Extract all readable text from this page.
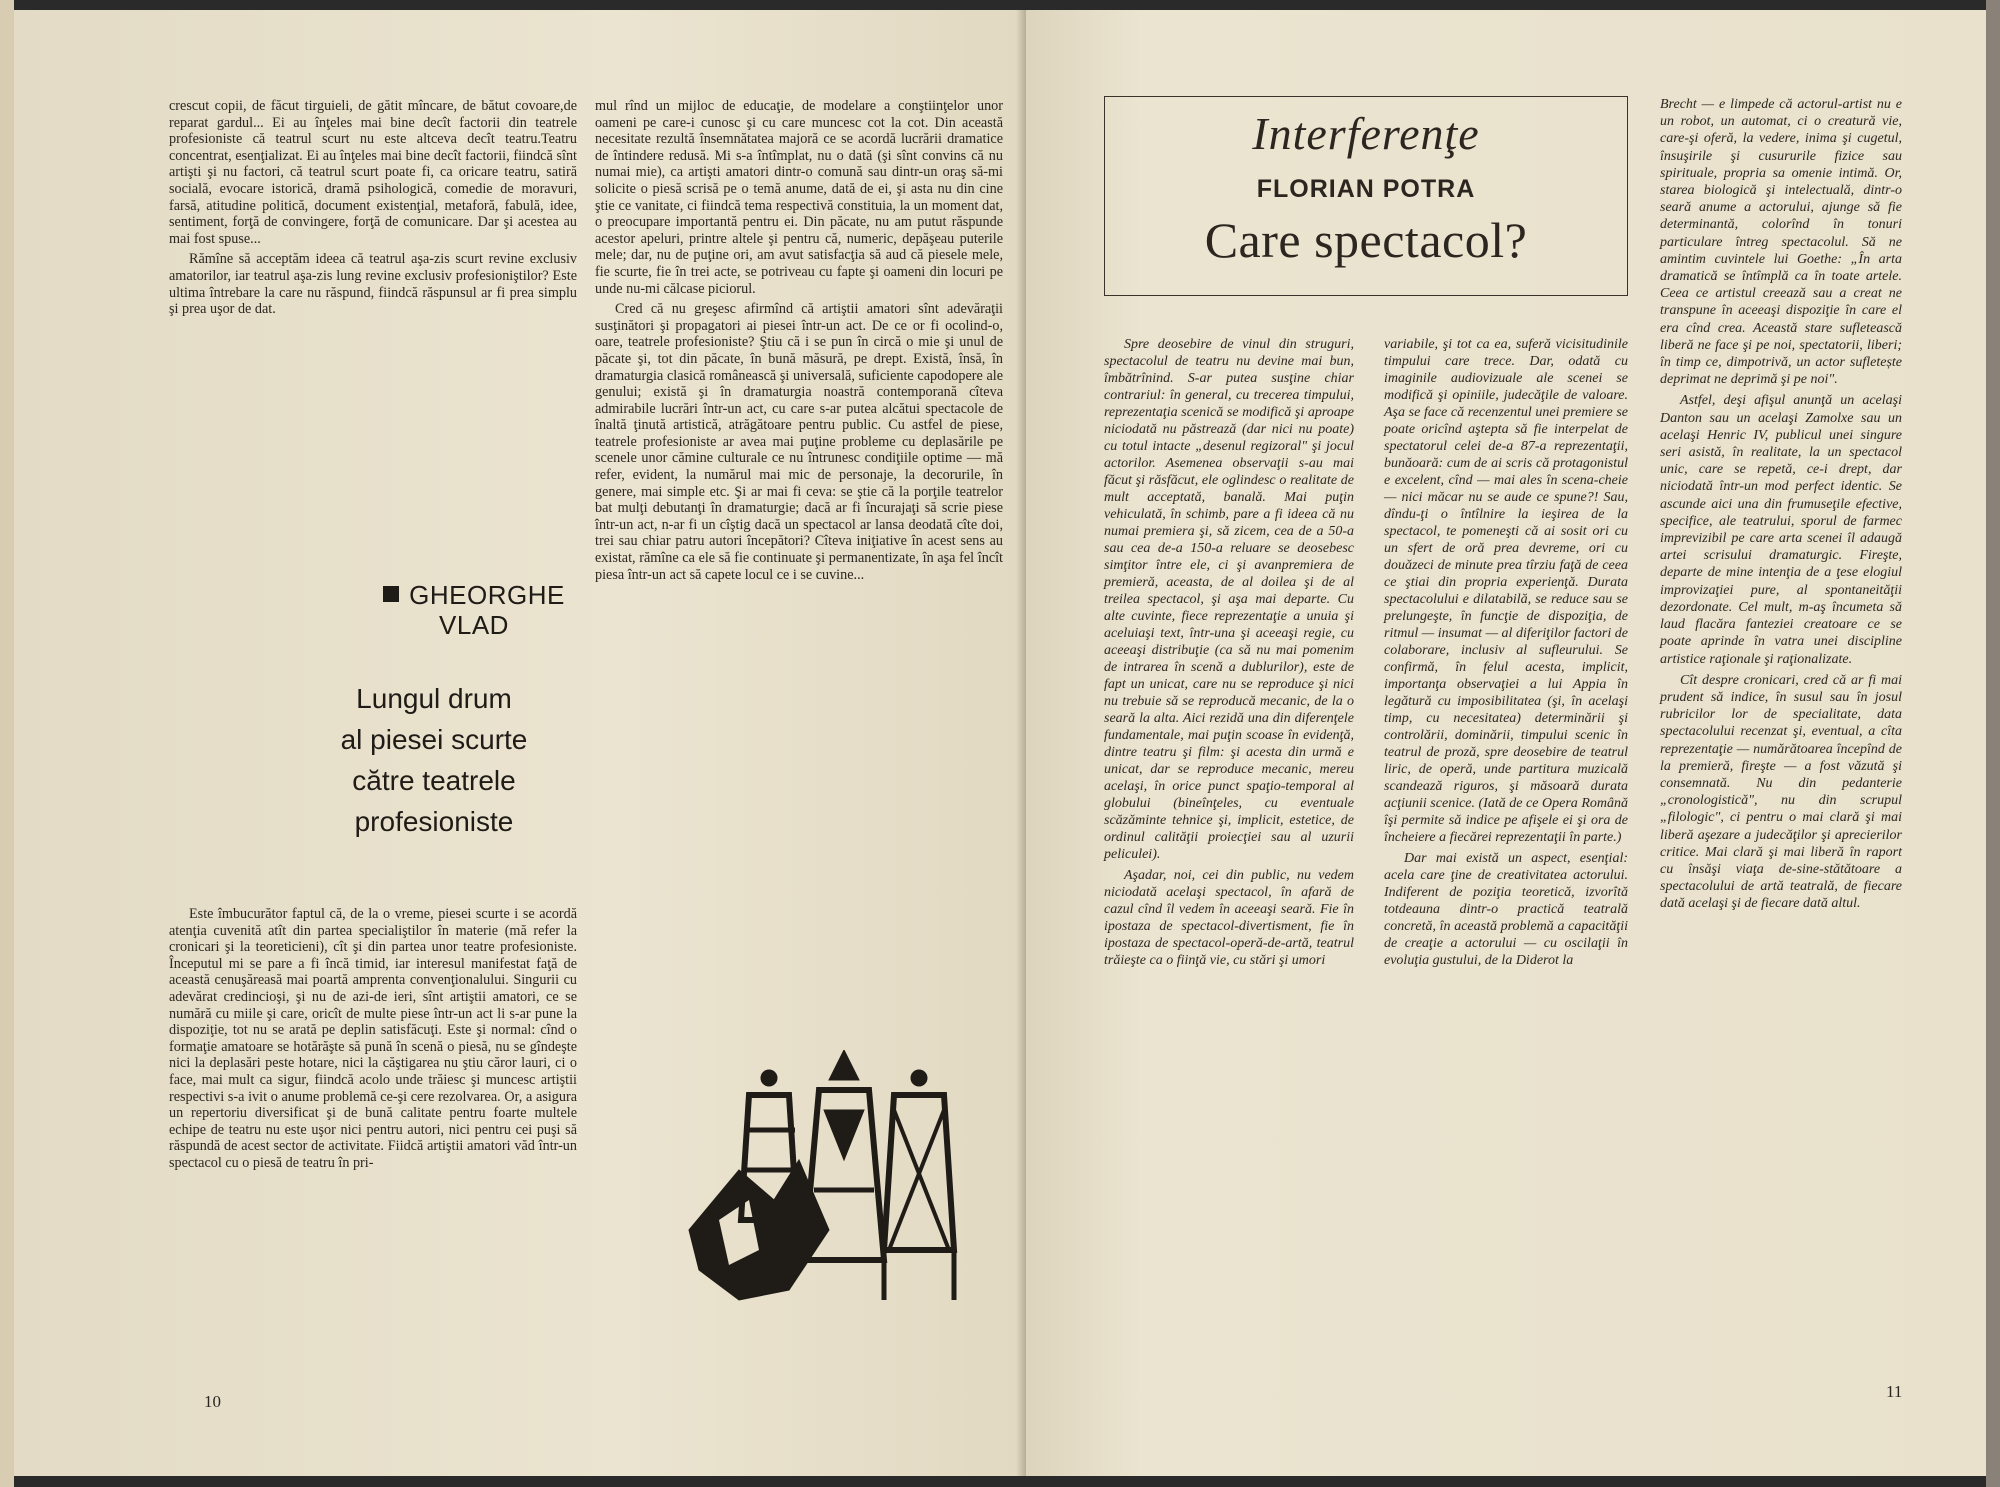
crescut copii, de făcut tirguieli, de gătit mîncare, de bătut covoare,de reparat gardul... Ei au înţeles mai bine decît factorii din teatrele profesioniste că teatrul scurt nu este altceva decît teatru.Teatru concentrat, esenţializat. Ei au înţeles mai bine decît factorii, fiindcă sînt artişti şi nu factori, că teatrul scurt poate fi, ca oricare teatru, satiră socială, evocare istorică, dramă psihologică, comedie de moravuri, farsă, atitudine politică, document existenţial, metaforă, fabulă, idee, sentiment, forţă de convingere, forţă de comunicare. Dar şi acestea au mai fost spuse...

Rămîne să acceptăm ideea că teatrul aşa-zis scurt revine exclusiv amatorilor, iar teatrul aşa-zis lung revine exclusiv profesioniştilor? Este ultima întrebare la care nu răspund, fiindcă răspunsul ar fi prea simplu şi prea uşor de dat.

GHEORGHE VLAD
Lungul drum
al piesei scurte
către teatrele
profesioniste

Este îmbucurător faptul că, de la o vreme, piesei scurte i se acordă atenţia cuvenită atît din partea specialiştilor în materie (mă refer la cronicari şi la teoreticieni), cît şi din partea unor teatre profesioniste. Începutul mi se pare a fi încă timid, iar interesul manifestat faţă de această cenuşăreasă mai poartă amprenta convenţionalului. Singurii cu adevărat credincioşi, şi nu de azi-de ieri, sînt artiştii amatori, ce se numără cu miile şi care, oricît de multe piese într-un act li s-ar pune la dispoziţie, tot nu se arată pe deplin satisfăcuţi. Este şi normal: cînd o formaţie amatoare se hotărăşte să pună în scenă o piesă, nu se gîndeşte nici la deplasări peste hotare, nici la căştigarea nu ştiu căror lauri, ci o face, mai mult ca sigur, fiindcă acolo unde trăiesc şi muncesc artiştii respectivi s-a ivit o anume problemă ce-şi cere rezolvarea. Or, a asigura un repertoriu diversificat şi de bună calitate pentru foarte multele echipe de teatru nu este uşor nici pentru autori, nici pentru cei puşi să răspundă de acest sector de activitate. Fiidcă artiştii amatori văd într-un spectacol cu o piesă de teatru în pri-

mul rînd un mijloc de educaţie, de modelare a conştiinţelor unor oameni pe care-i cunosc şi cu care muncesc cot la cot. Din această necesitate rezultă însemnătatea majoră ce se acordă lucrării dramatice de întindere redusă. Mi s-a întîmplat, nu o dată (şi sînt convins că nu numai mie), ca artişti amatori dintr-o comună sau dintr-un oraş să-mi solicite o piesă scrisă pe o temă anume, dată de ei, şi asta nu din cine ştie ce vanitate, ci fiindcă tema respectivă constituia, la un moment dat, o preocupare importantă pentru ei. Din păcate, nu am putut răspunde acestor apeluri, printre altele şi pentru că, numeric, depăşeau puterile mele; dar, nu de puţine ori, am avut satisfacţia să aud că piesele mele, fie scurte, fie în trei acte, se potriveau cu fapte şi oameni din locuri pe unde nu-mi călcase piciorul.

Cred că nu greşesc afirmînd că artiştii amatori sînt adevăraţii susţinători şi propagatori ai piesei într-un act. De ce or fi ocolind-o, oare, teatrele profesioniste? Ştiu că i se pun în circă o mie şi unul de păcate şi, tot din păcate, în bună măsură, pe drept. Există, însă, în dramaturgia clasică românească şi universală, suficiente capodopere ale genului; există şi în dramaturgia noastră contemporană cîteva admirabile lucrări într-un act, cu care s-ar putea alcătui spectacole de înaltă ţinută artistică, atrăgătoare pentru public. Cu astfel de piese, teatrele profesioniste ar avea mai puţine probleme cu deplasările pe scenele unor cămine culturale ce nu întrunesc condiţiile optime — mă refer, evident, la numărul mai mic de personaje, la decorurile, în genere, mai simple etc. Şi ar mai fi ceva: se ştie că la porţile teatrelor bat mulţi debutanţi în dramaturgie; dacă ar fi încurajaţi să scrie piese într-un act, n-ar fi un cîştig dacă un spectacol ar lansa deodată cîte doi, trei sau chiar patru autori începători? Cîteva iniţiative în acest sens au existat, rămîne ca ele să fie continuate şi permanentizate, în aşa fel încît piesa într-un act să capete locul ce i se cuvine...

10
11
Interferenţe
FLORIAN POTRA
Care spectacol?

Spre deosebire de vinul din struguri, spectacolul de teatru nu devine mai bun, îmbătrînind. S-ar putea susţine chiar contrariul: în general, cu trecerea timpului, reprezentaţia scenică se modifică şi aproape niciodată nu păstrează (dar nici nu poate) cu totul intacte „desenul regizoral" şi jocul actorilor. Asemenea observaţii s-au mai făcut şi răsfăcut, ele oglindesc o realitate de mult acceptată, banală. Mai puţin vehiculată, în schimb, pare a fi ideea că nu numai premiera şi, să zicem, cea de a 50-a sau cea de-a 150-a reluare se deosebesc simţitor între ele, ci şi avanpremiera de premieră, aceasta, de al doilea şi de al treilea spectacol, şi aşa mai departe. Cu alte cuvinte, fiece reprezentaţie a unuia şi aceluiaşi text, într-una şi aceeaşi regie, cu aceeaşi distribuţie (ca să nu mai pomenim de intrarea în scenă a dublurilor), este de fapt un unicat, care nu se reproduce şi nici nu trebuie să se reproducă mecanic, de la o seară la alta. Aici rezidă una din diferenţele fundamentale, mai puţin scoase în evidenţă, dintre teatru şi film: şi acesta din urmă e unicat, dar se reproduce mecanic, mereu acelaşi, în orice punct spaţio-temporal al globului (bineînţeles, cu eventuale scăzăminte tehnice şi, implicit, estetice, de ordinul calităţii proiecţiei sau al uzurii peliculei).

Aşadar, noi, cei din public, nu vedem niciodată acelaşi spectacol, în afară de cazul cînd îl vedem în aceeaşi seară. Fie în ipostaza de spectacol-divertisment, fie în ipostaza de spectacol-operă-de-artă, teatrul trăieşte ca o fiinţă vie, cu stări şi umori

variabile, şi tot ca ea, suferă vicisitudinile timpului care trece. Dar, odată cu imaginile audiovizuale ale scenei se modifică şi opiniile, judecăţile de valoare. Aşa se face că recenzentul unei premiere se poate oricînd aştepta să fie interpelat de spectatorul celei de-a 87-a reprezentaţii, bunăoară: cum de ai scris că protagonistul e excelent, cînd — mai ales în scena-cheie — nici măcar nu se aude ce spune?! Sau, dîndu-ţi o întîlnire la ieşirea de la spectacol, te pomeneşti că ai sosit ori cu un sfert de oră prea devreme, ori cu douăzeci de minute prea tîrziu faţă de ceea ce ştiai din propria experienţă. Durata spectacolului e dilatabilă, se reduce sau se prelungeşte, în funcţie de dispoziţia, de ritmul — insumat — al diferiţilor factori de colaborare, inclusiv al sufleurului. Se confirmă, în felul acesta, implicit, importanţa observaţiei a lui Appia în legătură cu imposibilitatea (şi, în acelaşi timp, cu necesitatea) determinării şi controlării, dominării, timpului scenic în teatrul de proză, spre deosebire de teatrul liric, de operă, unde partitura muzicală scandează riguros, şi măsoară durata acţiunii scenice. (Iată de ce Opera Română îşi permite să indice pe afişele ei şi ora de încheiere a fiecărei reprezentaţii în parte.)

Dar mai există un aspect, esenţial: acela care ţine de creativitatea actorului. Indiferent de poziţia teoretică, izvorîtă totdeauna dintr-o practică teatrală concretă, în această problemă a capacităţii de creaţie a actorului — cu oscilaţii în evoluţia gustului, de la Diderot la

Brecht — e limpede că actorul-artist nu e un robot, un automat, ci o creatură vie, care-şi oferă, la vedere, inima şi cugetul, însuşirile şi cusururile fizice sau spirituale, propria sa omenie intimă. Or, starea biologică şi intelectuală, dintr-o seară anume a actorului, ajunge să fie determinantă, colorînd în tonuri particulare întreg spectacolul. Să ne amintim cuvintele lui Goethe: „În arta dramatică se întîmplă ca în toate artele. Ceea ce artistul creează sau a creat ne transpune în aceeaşi dispoziţie în care el era cînd crea. Această stare sufletească liberă ne face şi pe noi, spectatorii, liberi; în timp ce, dimpotrivă, un actor sufletește deprimat ne deprimă şi pe noi".

Astfel, deşi afişul anunţă un acelaşi Danton sau un acelaşi Zamolxe sau un acelaşi Henric IV, publicul unei singure seri asistă, în realitate, la un spectacol unic, care se repetă, ce-i drept, dar niciodată într-un mod perfect identic. Se ascunde aici una din frumuseţile efective, specifice, ale teatrului, sporul de farmec imprevizibil pe care arta scenei îl adaugă artei scrisului dramaturgic. Fireşte, departe de mine intenţia de a ţese elogiul improvizaţiei pure, al spontaneităţii dezordonate. Cel mult, m-aş încumeta să laud flacăra fanteziei creatoare ce se poate aprinde în vatra unei discipline artistice raţionale şi raţionalizate.

Cît despre cronicari, cred că ar fi mai prudent să indice, în susul sau în josul rubricilor lor de specialitate, data spectacolului recenzat şi, eventual, a cîta reprezentaţie — numărătoarea începînd de la premieră, fireşte — a fost văzută şi consemnată. Nu din pedanterie „cronologistică", nu din scrupul „filologic", ci pentru o mai clară şi mai liberă aşezare a judecăţilor şi aprecierilor critice. Mai clară şi mai liberă în raport cu însăşi viaţa de-sine-stătătoare a spectacolului de artă teatrală, de fiecare dată acelaşi şi de fiecare dată altul.
